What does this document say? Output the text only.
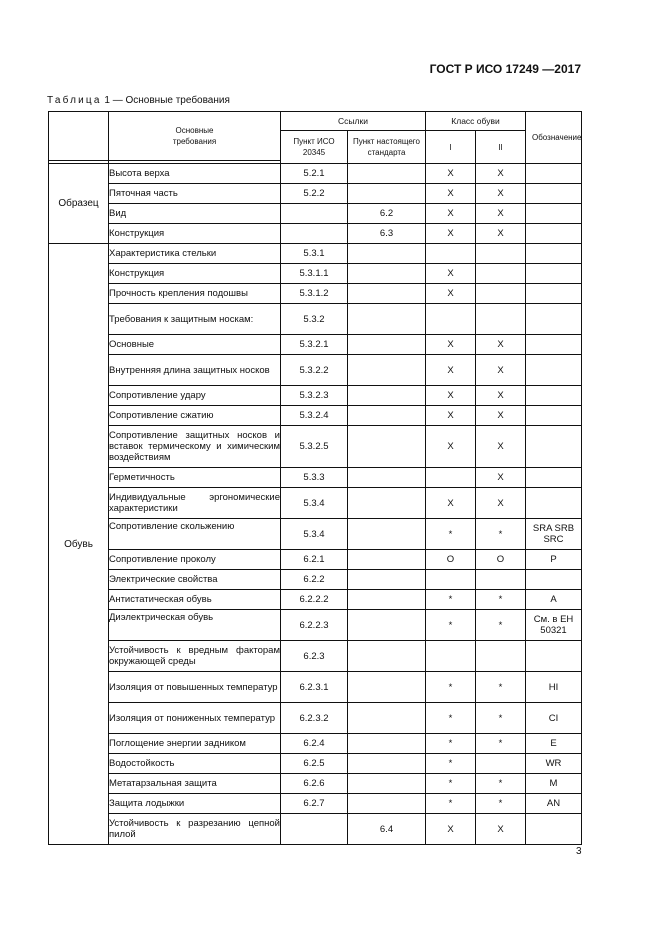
ГОСТ Р ИСО 17249 —2017
Таблица 1 — Основные требования
	Основные требования	Ссылки		Класс обуви		Обозначение
		Пункт ИСО 20345	Пункт настоящего стандарта	I	II	

Образец	Высота верха	5.2.1		X	X	
	Пяточная часть	5.2.2		X	X	
	Вид		6.2	X	X	
	Конструкция		6.3	X	X	
Обувь	Характеристика стельки	5.3.1				
	Конструкция	5.3.1.1		X		
	Прочность крепления подошвы	5.3.1.2		X		
	Требования к защитным носкам:	5.3.2				
	Основные	5.3.2.1		X	X	
	Внутренняя длина защитных носков	5.3.2.2		X	X	
	Сопротивление удару	5.3.2.3		X	X	
	Сопротивление сжатию	5.3.2.4		X	X	
	Сопротивление защитных носков и вставок термическому и химическим воздействиям	5.3.2.5		X	X	
	Герметичность	5.3.3			X	
	Индивидуальные эргономические характеристики	5.3.4		X	X	
	Сопротивление скольжению	5.3.4		*	*	SRA SRB SRC
	Сопротивление проколу	6.2.1		O	O	P
	Электрические свойства	6.2.2				
	Антистатическая обувь	6.2.2.2		*	*	A
	Диэлектрическая обувь	6.2.2.3		*	*	См. в ЕН 50321
	Устойчивость к вредным факторам окружающей среды	6.2.3				
	Изоляция от повышенных температур	6.2.3.1		*	*	HI
	Изоляция от пониженных температур	6.2.3.2		*	*	CI
	Поглощение энергии задником	6.2.4		*	*	E
	Водостойкость	6.2.5		*		WR
	Метатарзальная защита	6.2.6		*	*	M
	Защита лодыжки	6.2.7		*	*	AN
	Устойчивость к разрезанию цепной пилой		6.4	X	X	
3
